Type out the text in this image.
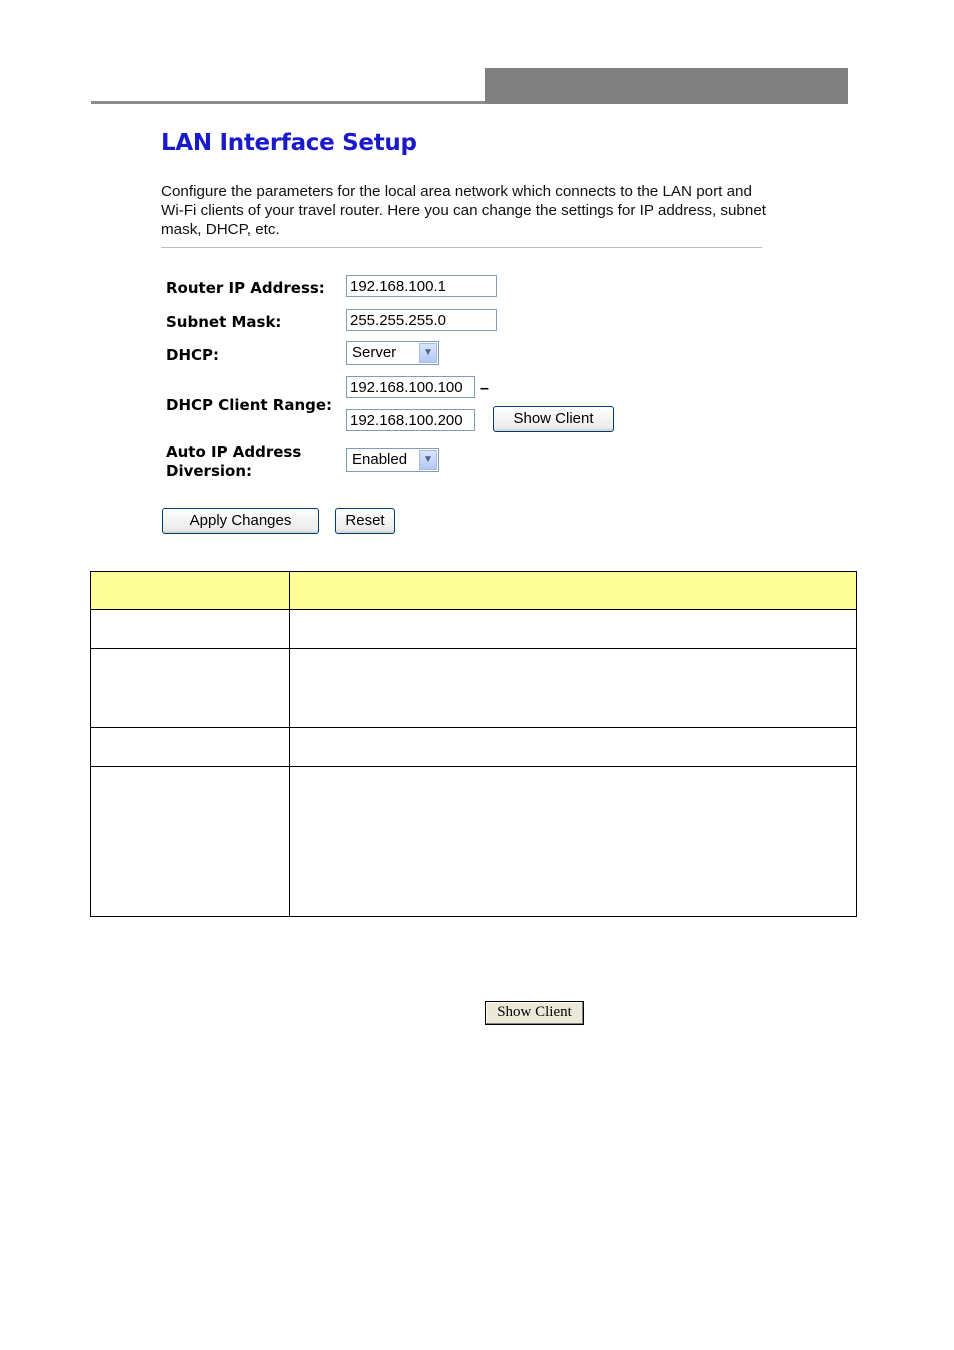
LAN Interface Setup
Configure the parameters for the local area network which connects to the LAN port and Wi-Fi clients of your travel router. Here you can change the settings for IP address, subnet mask, DHCP, etc.
Router IP Address: 192.168.100.1
Subnet Mask:	255.255.255.0
DHCP:	Server	▼
DHCP Client Range:
192.168.100.100	–
192.168.100.200	Show Client
Auto IP Address
Diversion:
Enabled	▼
Apply Changes	Reset

Show Client
